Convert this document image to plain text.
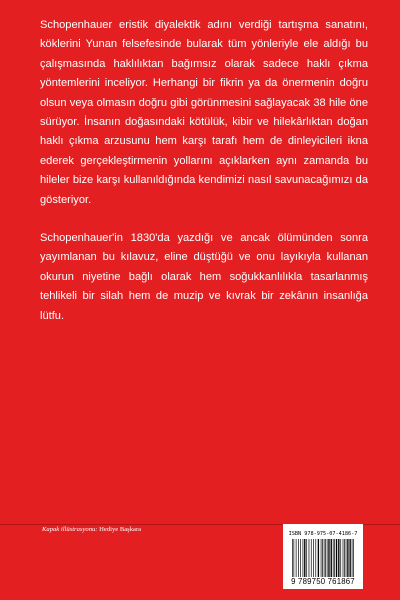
Schopenhauer eristik diyalektik adını verdiği tartışma sanatını, köklerini Yunan felsefesinde bularak tüm yönleriyle ele aldığı bu çalışmasında haklılıktan bağımsız olarak sadece haklı çıkma yöntemlerini inceliyor. Herhangi bir fikrin ya da önermenin doğru olsun veya olmasın doğru gibi görünmesini sağlayacak 38 hile öne sürüyor. İnsanın doğasındaki kötülük, kibir ve hilekârlıktan doğan haklı çıkma arzusunu hem karşı tarafı hem de dinleyicileri ikna ederek gerçekleştirmenin yollarını açıklarken aynı zamanda bu hileler bize karşı kullanıldığında kendimizi nasıl savunacağımızı da gösteriyor.

Schopenhauer'in 1830'da yazdığı ve ancak ölümünden sonra yayımlanan bu kılavuz, eline düştüğü ve onu layıkıyla kullanan okurun niyetine bağlı olarak hem soğukkanlılıkla tasarlanmış tehlikeli bir silah hem de muzip ve kıvrak bir zekânın insanlığa lütfu.

Kapak illüstrasyonu: Hediye Başkara
ISBN 978-975-07-4186-7
9 789750 761867
